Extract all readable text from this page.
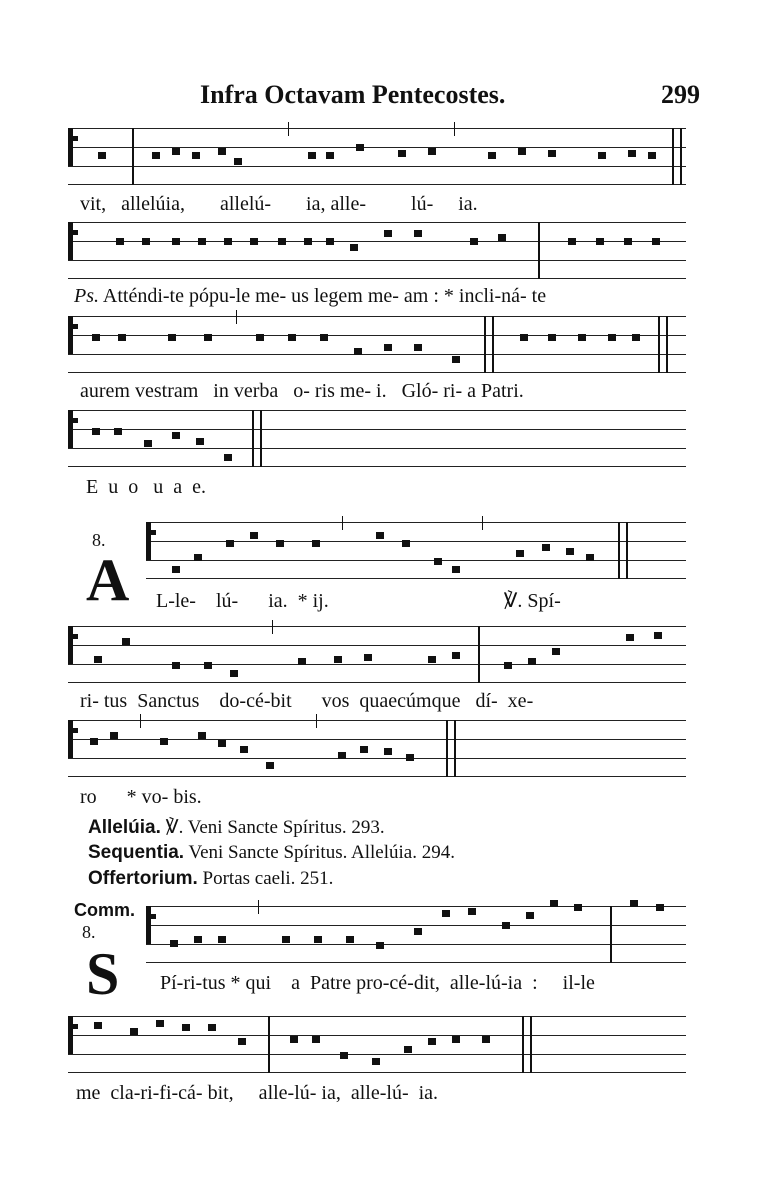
Infra Octavam Pentecostes.	299
vit,   allelúia,       allelú-       ia, alle-         lú-     ia.
Ps. Atténdi-te pópu-le me- us legem me- am : * incli-ná- te
aurem vestram   in verba   o- ris me- i.   Gló- ri- a Patri.
E  u  o   u  a  e.
8.
A L-le-    lú-      ia.  * ij.                                   ℣. Spí-
ri- tus  Sanctus    do-cé-bit      vos  quaecúmque   dí-  xe-
ro      * vo- bis.
Allelúia. ℣. Veni Sancte Spíritus. 293.
Sequentia. Veni Sancte Spíritus. Allelúia. 294.
Offertorium. Portas caeli. 251.
Comm.
8.
S Pí-ri-tus * qui    a  Patre pro-cé-dit,  alle-lú-ia  :     il-le
me  cla-ri-fi-cá- bit,     alle-lú- ia,  alle-lú-  ia.
